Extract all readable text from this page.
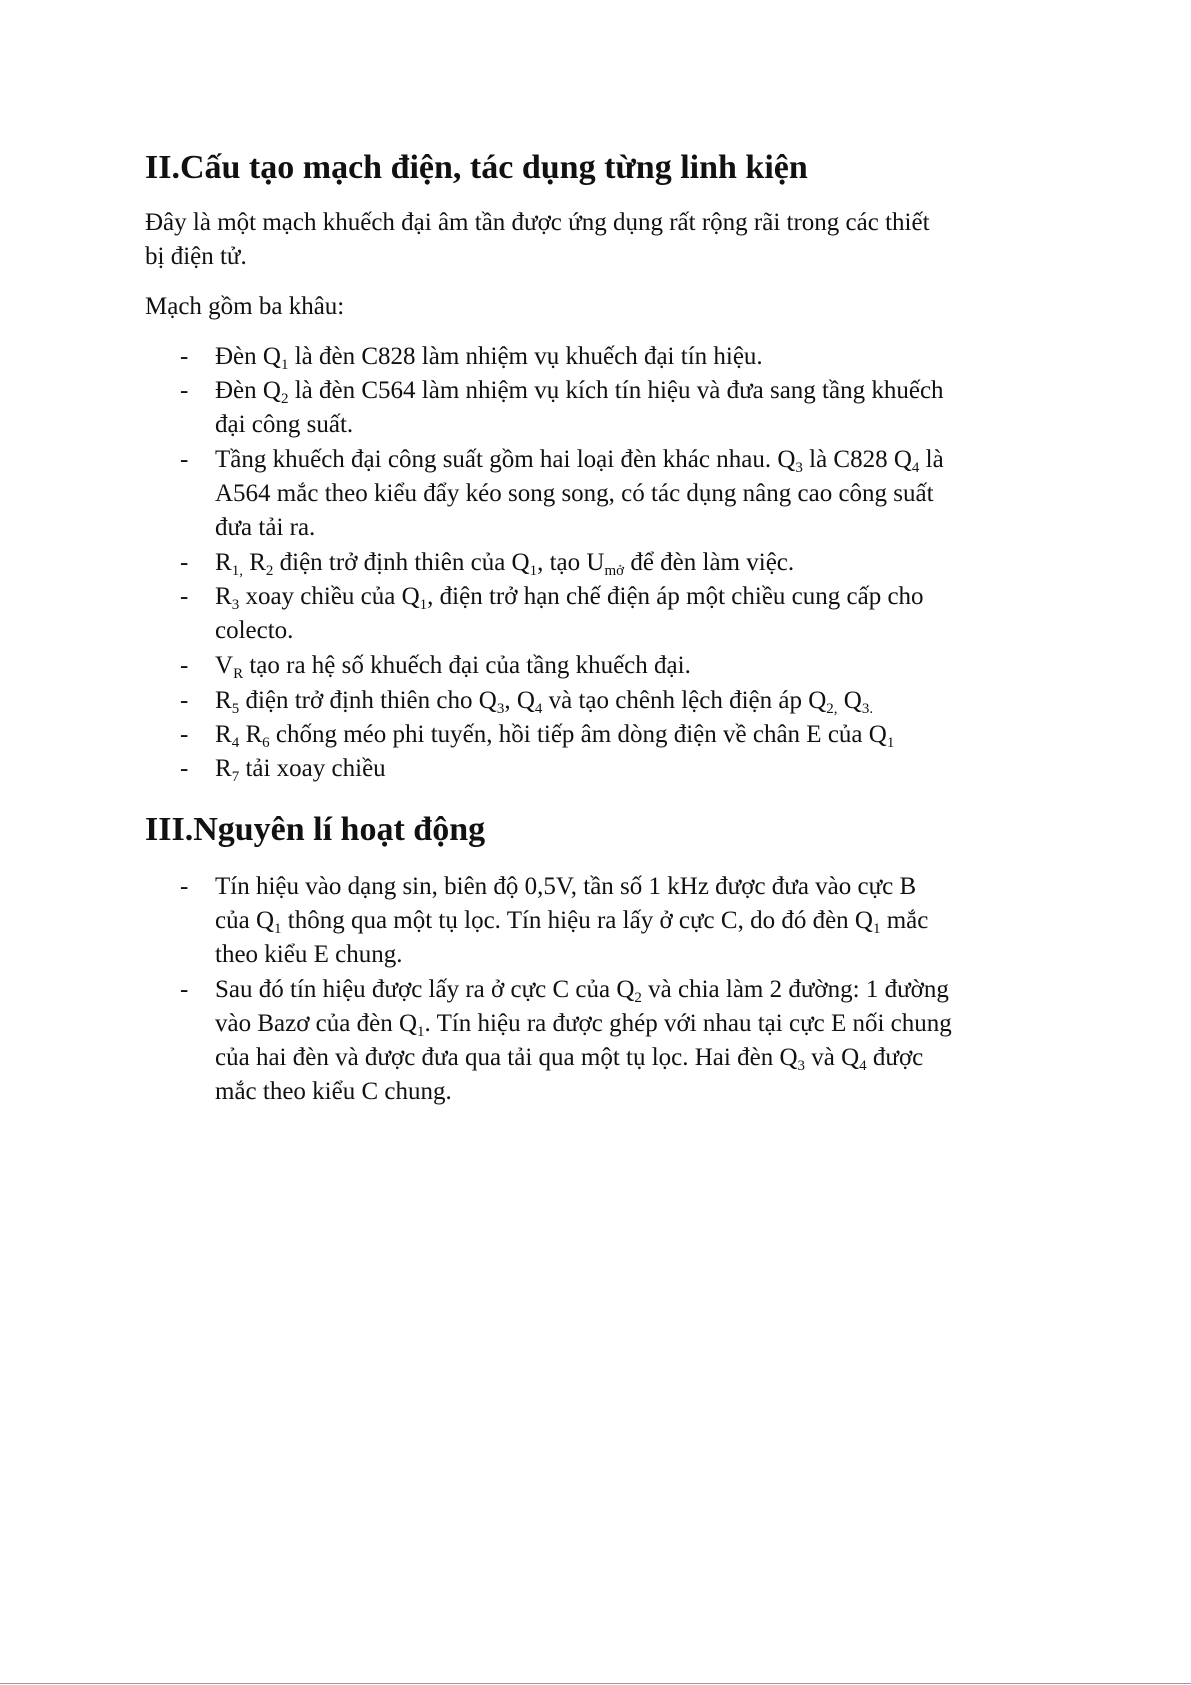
II.Cấu tạo mạch điện, tác dụng từng linh kiện

Đây là một mạch khuếch đại âm tần được ứng dụng rất rộng rãi trong các thiết

bị điện tử.

Mạch gồm ba khâu:

- Đèn $Q_1$ là đèn C828 làm nhiệm vụ khuếch đại tín hiệu.
- Đèn $Q_2$ là đèn C564 làm nhiệm vụ kích tín hiệu và đưa sang tầng khuếch
đại công suất.
- Tầng khuếch đại công suất gồm hai loại đèn khác nhau. $Q_3$ là C828 $Q_4$ là
A564 mắc theo kiểu đẩy kéo song song, có tác dụng nâng cao công suất
đưa tải ra.
- $R_{1,}$ $R_2$ điện trở định thiên của $Q_1$, tạo $U_{mở}$ để đèn làm việc.
- $R_3$ xoay chiều của $Q_1$, điện trở hạn chế điện áp một chiều cung cấp cho
colecto.
- $V_R$ tạo ra hệ số khuếch đại của tầng khuếch đại.
- $R_5$ điện trở định thiên cho $Q_3$, $Q_4$ và tạo chênh lệch điện áp $Q_{2,}$ $Q_{3.}$
- $R_4$ $R_6$ chống méo phi tuyến, hồi tiếp âm dòng điện về chân E của $Q_1$
- $R_7$ tải xoay chiều
III.Nguyên lí hoạt động
- Tín hiệu vào dạng sin, biên độ 0,5V, tần số 1 kHz được đưa vào cực B
của $Q_1$ thông qua một tụ lọc. Tín hiệu ra lấy ở cực C, do đó đèn $Q_1$ mắc
theo kiểu E chung.
- Sau đó tín hiệu được lấy ra ở cực C của $Q_2$ và chia làm 2 đường: 1 đường
vào Bazơ của đèn $Q_1$. Tín hiệu ra được ghép với nhau tại cực E nối chung
của hai đèn và được đưa qua tải qua một tụ lọc. Hai đèn $Q_3$ và $Q_4$ được
mắc theo kiểu C chung.
